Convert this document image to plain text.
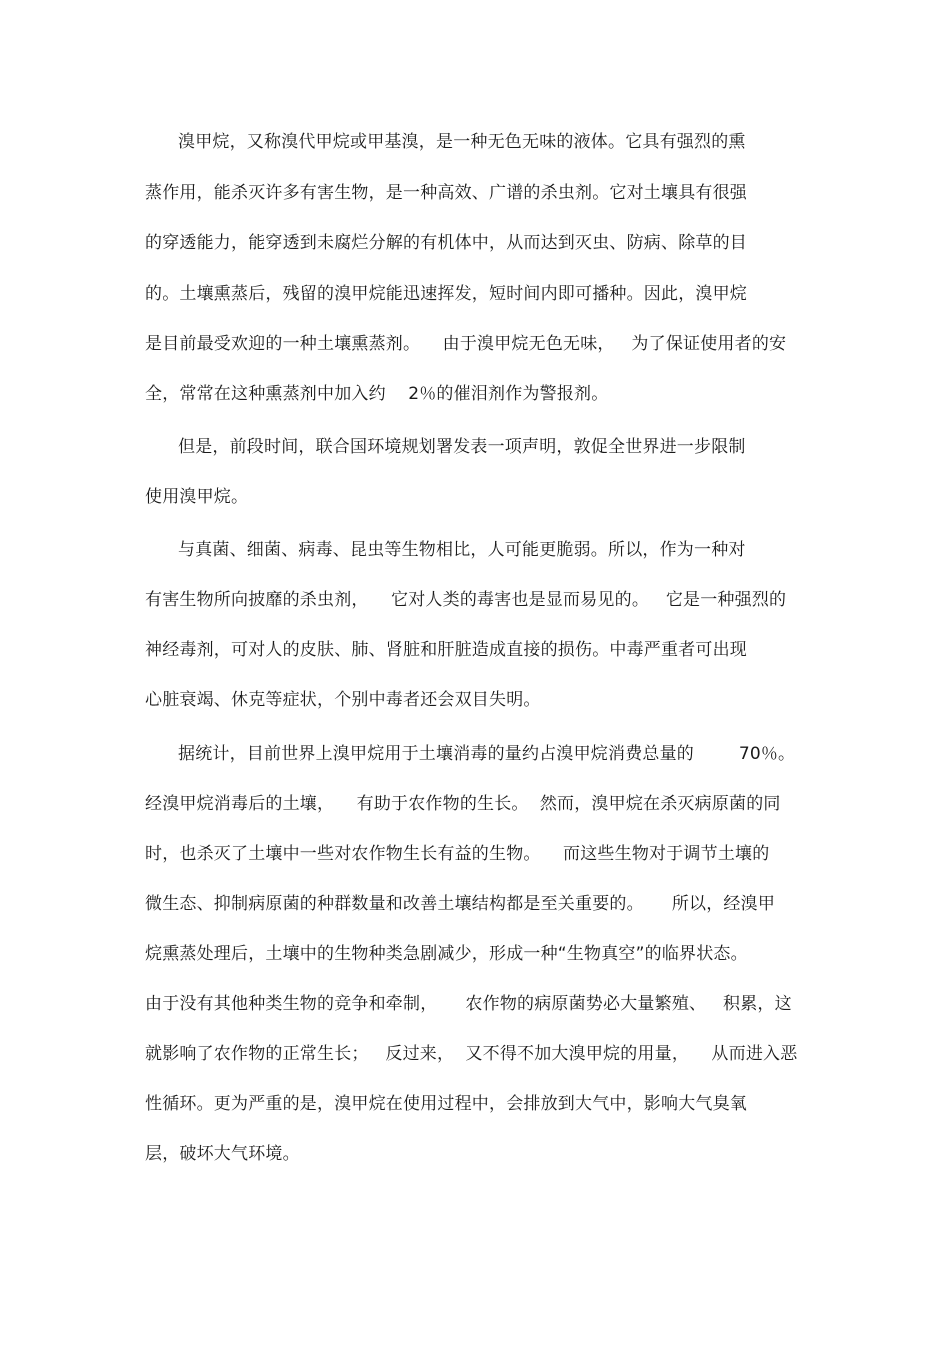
溴甲烷，又称溴代甲烷或甲基溴，是一种无色无味的液体。它具有强烈的熏
蒸作用，能杀灭许多有害生物，是一种高效、广谱的杀虫剂。它对土壤具有很强
的穿透能力，能穿透到未腐烂分解的有机体中，从而达到灭虫、防病、除草的目
的。土壤熏蒸后，残留的溴甲烷能迅速挥发，短时间内即可播种。因此，溴甲烷
是目前最受欢迎的一种土壤熏蒸剂。    由于溴甲烷无色无味，   为了保证使用者的安
全，常常在这种熏蒸剂中加入约    2％的催泪剂作为警报剂。
但是，前段时间，联合国环境规划署发表一项声明，敦促全世界进一步限制
使用溴甲烷。
与真菌、细菌、病毒、昆虫等生物相比，人可能更脆弱。所以，作为一种对
有害生物所向披靡的杀虫剂，    它对人类的毒害也是显而易见的。   它是一种强烈的
神经毒剂，可对人的皮肤、肺、肾脏和肝脏造成直接的损伤。中毒严重者可出现
心脏衰竭、休克等症状，个别中毒者还会双目失明。
据统计，目前世界上溴甲烷用于土壤消毒的量约占溴甲烷消费总量的        70％。
经溴甲烷消毒后的土壤，    有助于农作物的生长。  然而，溴甲烷在杀灭病原菌的同
时，也杀灭了土壤中一些对农作物生长有益的生物。    而这些生物对于调节土壤的
微生态、抑制病原菌的种群数量和改善土壤结构都是至关重要的。     所以，经溴甲
烷熏蒸处理后，土壤中的生物种类急剧减少，形成一种“生物真空”的临界状态。
由于没有其他种类生物的竞争和牵制，     农作物的病原菌势必大量繁殖、   积累，这
就影响了农作物的正常生长；   反过来，  又不得不加大溴甲烷的用量，    从而进入恶
性循环。更为严重的是，溴甲烷在使用过程中，会排放到大气中，影响大气臭氧
层，破坏大气环境。
